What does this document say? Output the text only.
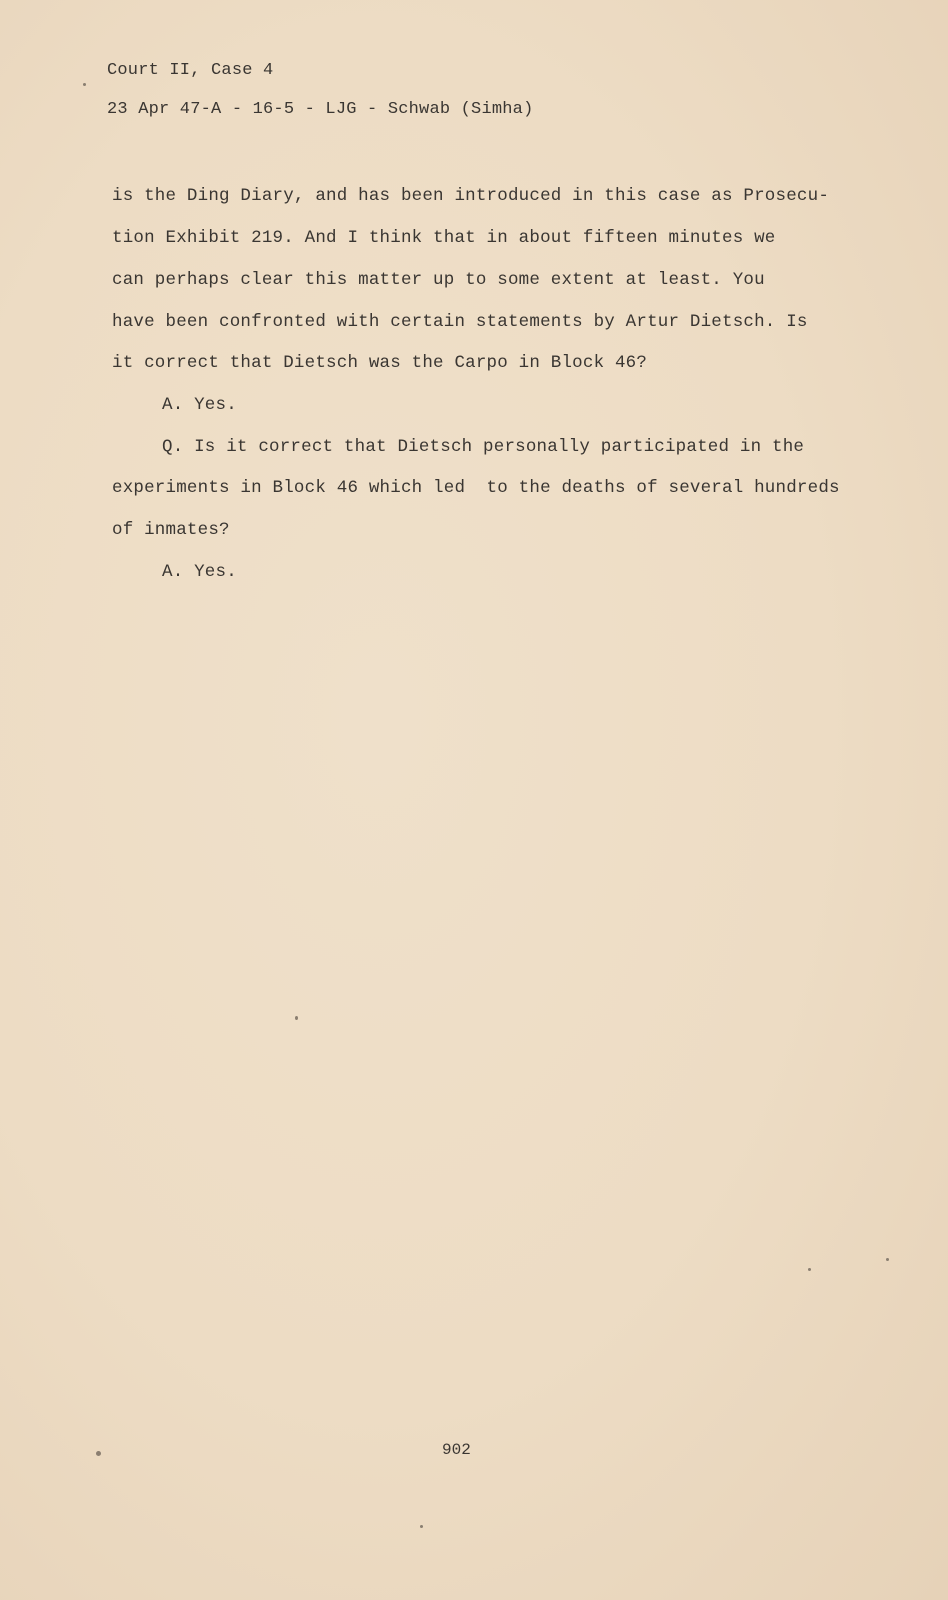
Court II, Case 4
23 Apr 47-A - 16-5 - LJG - Schwab (Simha)
is the Ding Diary, and has been introduced in this case as Prosecu-
tion Exhibit 219. And I think that in about fifteen minutes we
can perhaps clear this matter up to some extent at least. You
have been confronted with certain statements by Artur Dietsch. Is
it correct that Dietsch was the Carpo in Block 46?
A. Yes.
Q. Is it correct that Dietsch personally participated in the
experiments in Block 46 which led  to the deaths of several hundreds
of inmates?
A. Yes.
902
